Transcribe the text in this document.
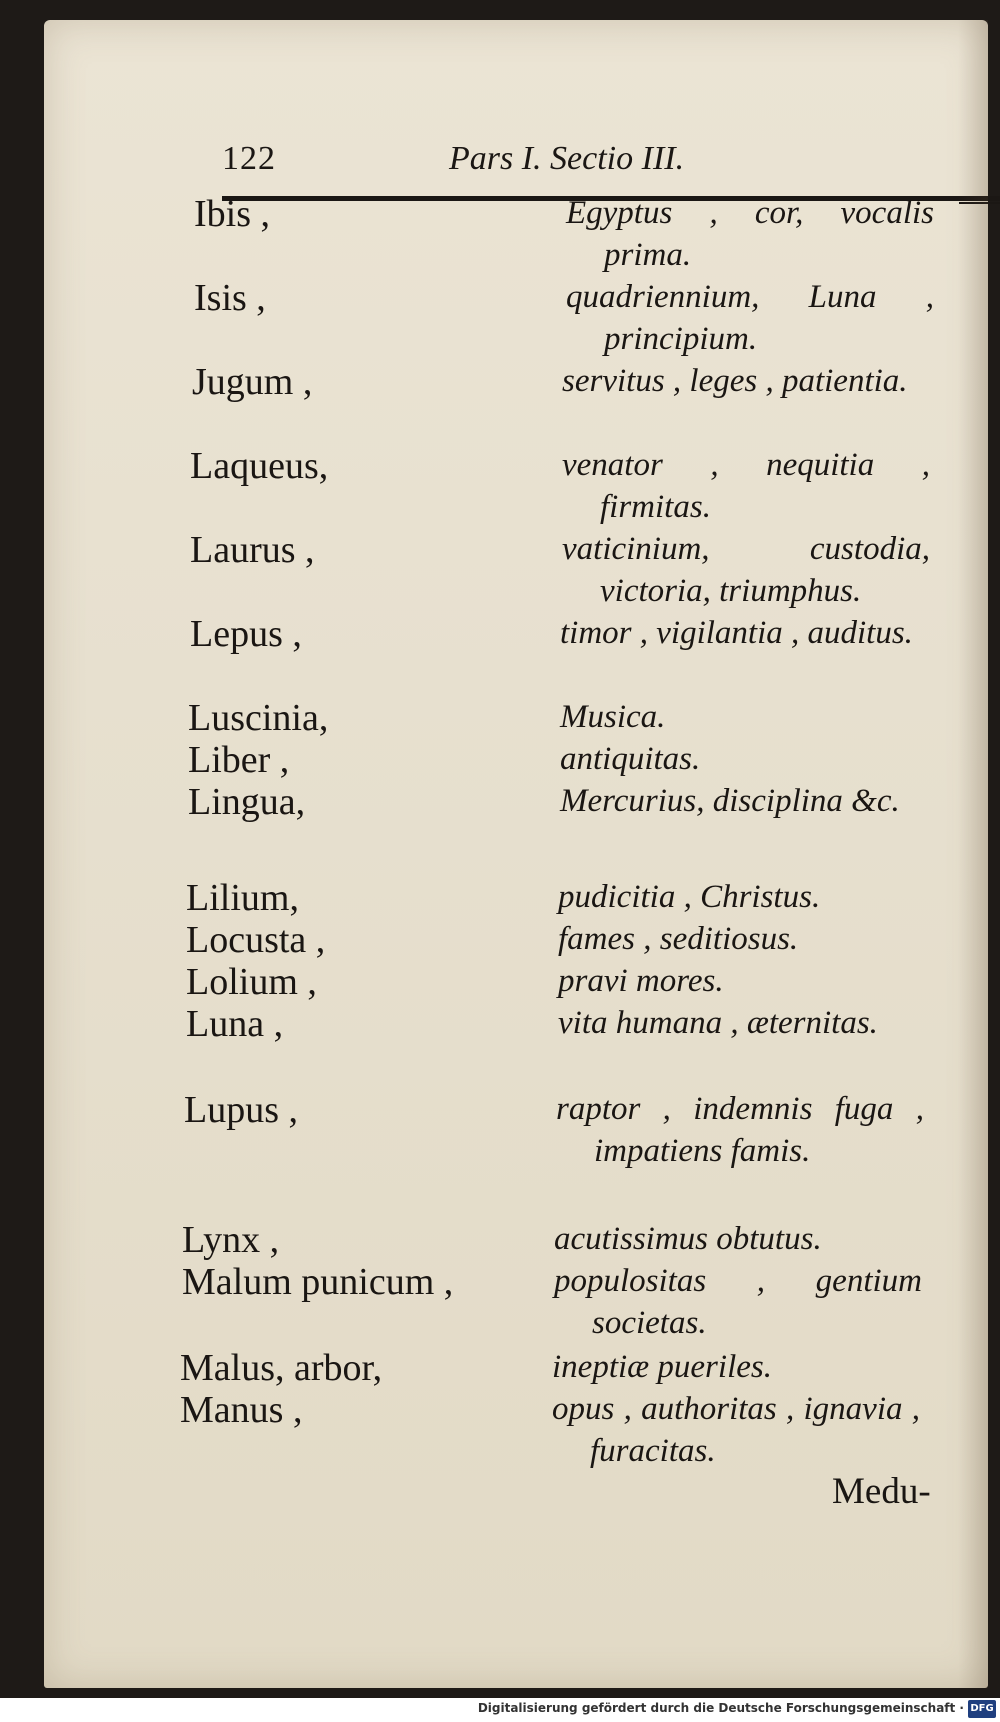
122	Pars I. Sectio III.
Ibis ,	Egyptus , cor, vocalis prima.
Isis ,	quadriennium, Luna , principium.
Jugum ,	servitus , leges , patientia.
Laqueus,	venator , nequitia , firmitas.
Laurus ,	vaticinium, custodia, victoria, triumphus.
Lepus ,	timor , vigilantia , auditus.
Luscinia,	Musica.
Liber ,	antiquitas.
Lingua,	Mercurius, disciplina &c.
Lilium,	pudicitia , Christus.
Locusta ,	fames , seditiosus.
Lolium ,	pravi mores.
Luna ,	vita humana , æternitas.
Lupus ,	raptor , indemnis fuga , impatiens famis.
Lynx ,	acutissimus obtutus.
Malum punicum ,	populositas , gentium societas.
Malus, arbor,	ineptiæ pueriles.
Manus ,	opus , authoritas , ignavia , furacitas.
Medu-
Digitalisierung gefördert durch die Deutsche Forschungsgemeinschaft · DFG
